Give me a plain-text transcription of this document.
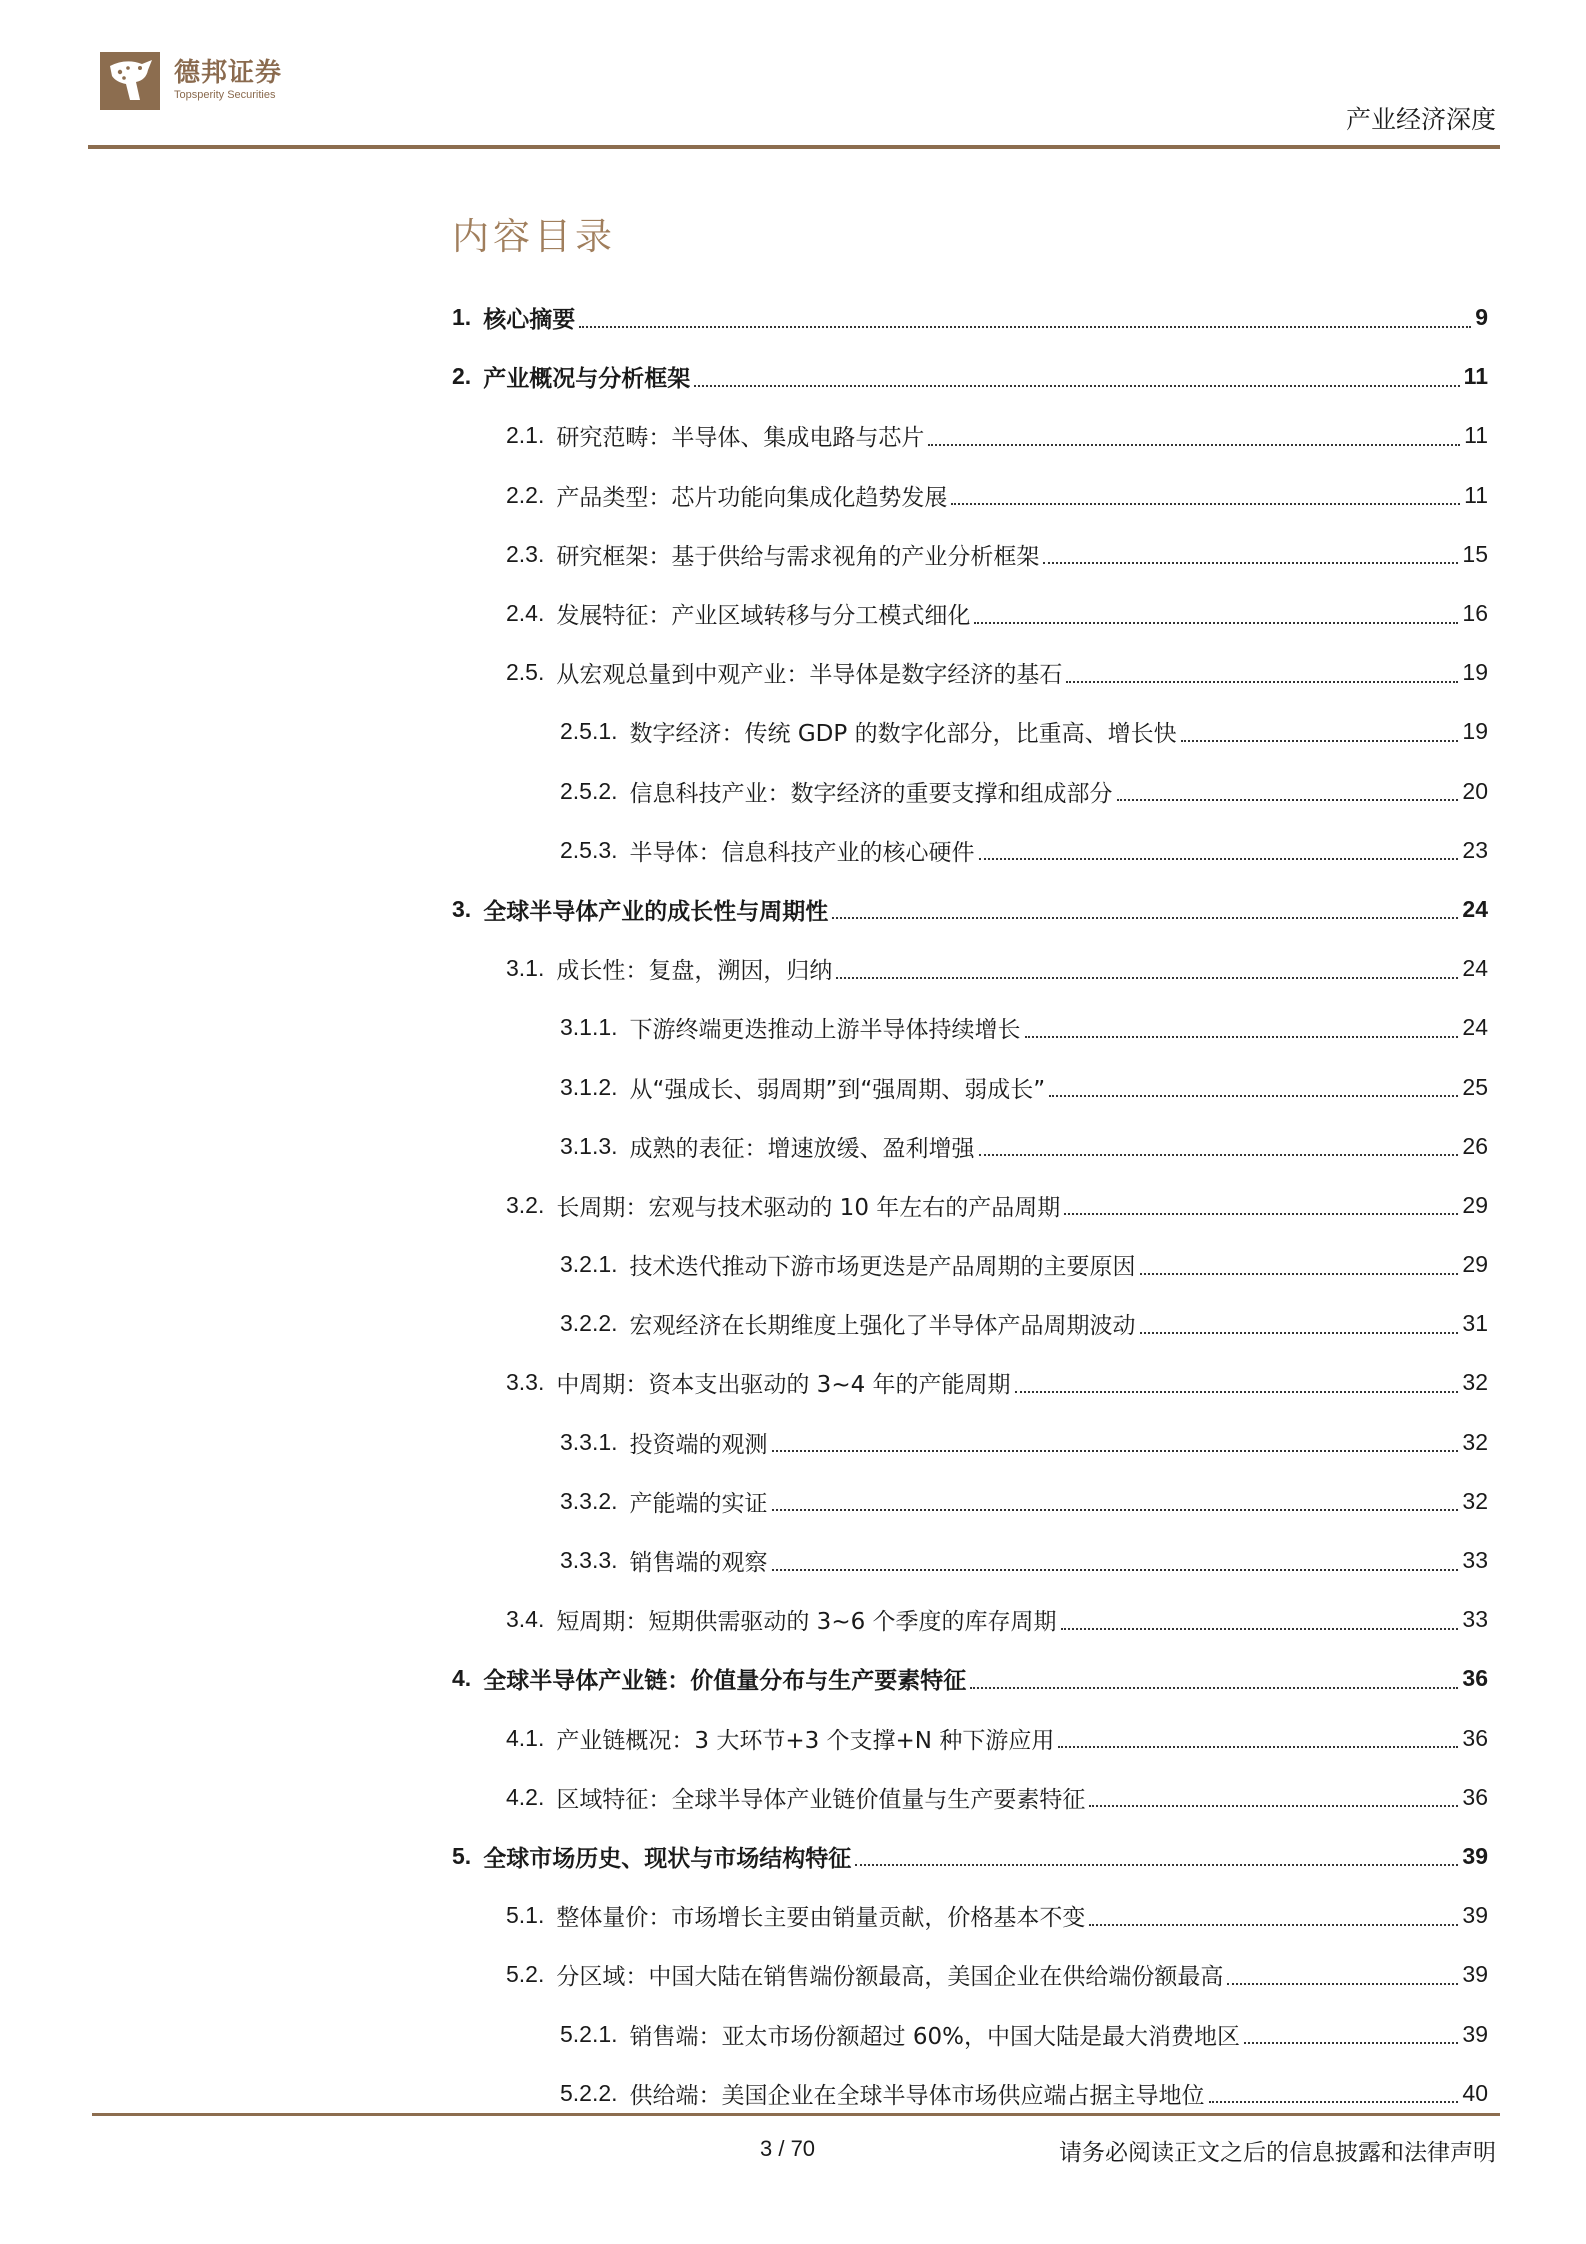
德邦证券
Topsperity Securities
产业经济深度
内容目录
1. 核心摘要	9
2. 产业概况与分析框架	11
2.1. 研究范畴：半导体、集成电路与芯片	11
2.2. 产品类型：芯片功能向集成化趋势发展	11
2.3. 研究框架：基于供给与需求视角的产业分析框架	15
2.4. 发展特征：产业区域转移与分工模式细化	16
2.5. 从宏观总量到中观产业：半导体是数字经济的基石	19
2.5.1. 数字经济：传统 GDP 的数字化部分，比重高、增长快	19
2.5.2. 信息科技产业：数字经济的重要支撑和组成部分	20
2.5.3. 半导体：信息科技产业的核心硬件	23
3. 全球半导体产业的成长性与周期性	24
3.1. 成长性：复盘，溯因，归纳	24
3.1.1. 下游终端更迭推动上游半导体持续增长	24
3.1.2. 从“强成长、弱周期”到“强周期、弱成长”	25
3.1.3. 成熟的表征：增速放缓、盈利增强	26
3.2. 长周期：宏观与技术驱动的 10 年左右的产品周期	29
3.2.1. 技术迭代推动下游市场更迭是产品周期的主要原因	29
3.2.2. 宏观经济在长期维度上强化了半导体产品周期波动	31
3.3. 中周期：资本支出驱动的 3~4 年的产能周期	32
3.3.1. 投资端的观测	32
3.3.2. 产能端的实证	32
3.3.3. 销售端的观察	33
3.4. 短周期：短期供需驱动的 3~6 个季度的库存周期	33
4. 全球半导体产业链：价值量分布与生产要素特征	36
4.1. 产业链概况：3 大环节+3 个支撑+N 种下游应用	36
4.2. 区域特征：全球半导体产业链价值量与生产要素特征	36
5. 全球市场历史、现状与市场结构特征	39
5.1. 整体量价：市场增长主要由销量贡献，价格基本不变	39
5.2. 分区域：中国大陆在销售端份额最高，美国企业在供给端份额最高	39
5.2.1. 销售端：亚太市场份额超过 60%，中国大陆是最大消费地区	39
5.2.2. 供给端：美国企业在全球半导体市场供应端占据主导地位	40
3 / 70	请务必阅读正文之后的信息披露和法律声明
